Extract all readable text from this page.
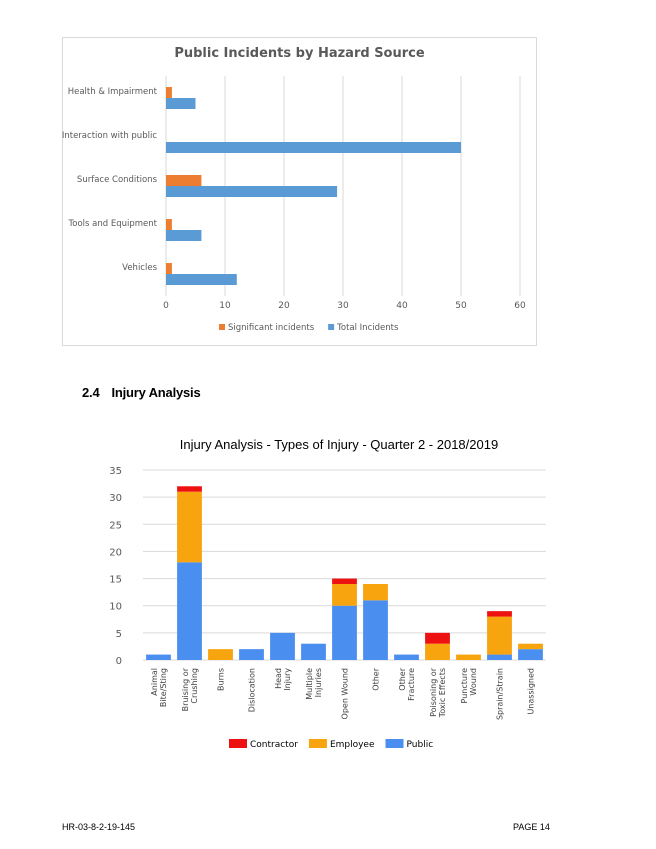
Public Incidents by Hazard Source
0	10	20	30	40	50	60
Health & Impairment
Interaction with public
Surface Conditions
Tools and Equipment
Vehicles
Significant incidents	Total Incidents
2.4 Injury Analysis
Injury Analysis - Types of Injury - Quarter 2 - 2018/2019
0
5
10
15
20
25
30
35
Animal Bite/Sting Bruising or Crushing Burns	Dislocation Head Injury Multiple Injuries Open Wound	Other Other Fracture Poisoning or Toxic Effects Puncture Wound Sprain/Strain	Unassigned
Contractor	Employee	Public
HR-03-8-2-19-145	PAGE 14
